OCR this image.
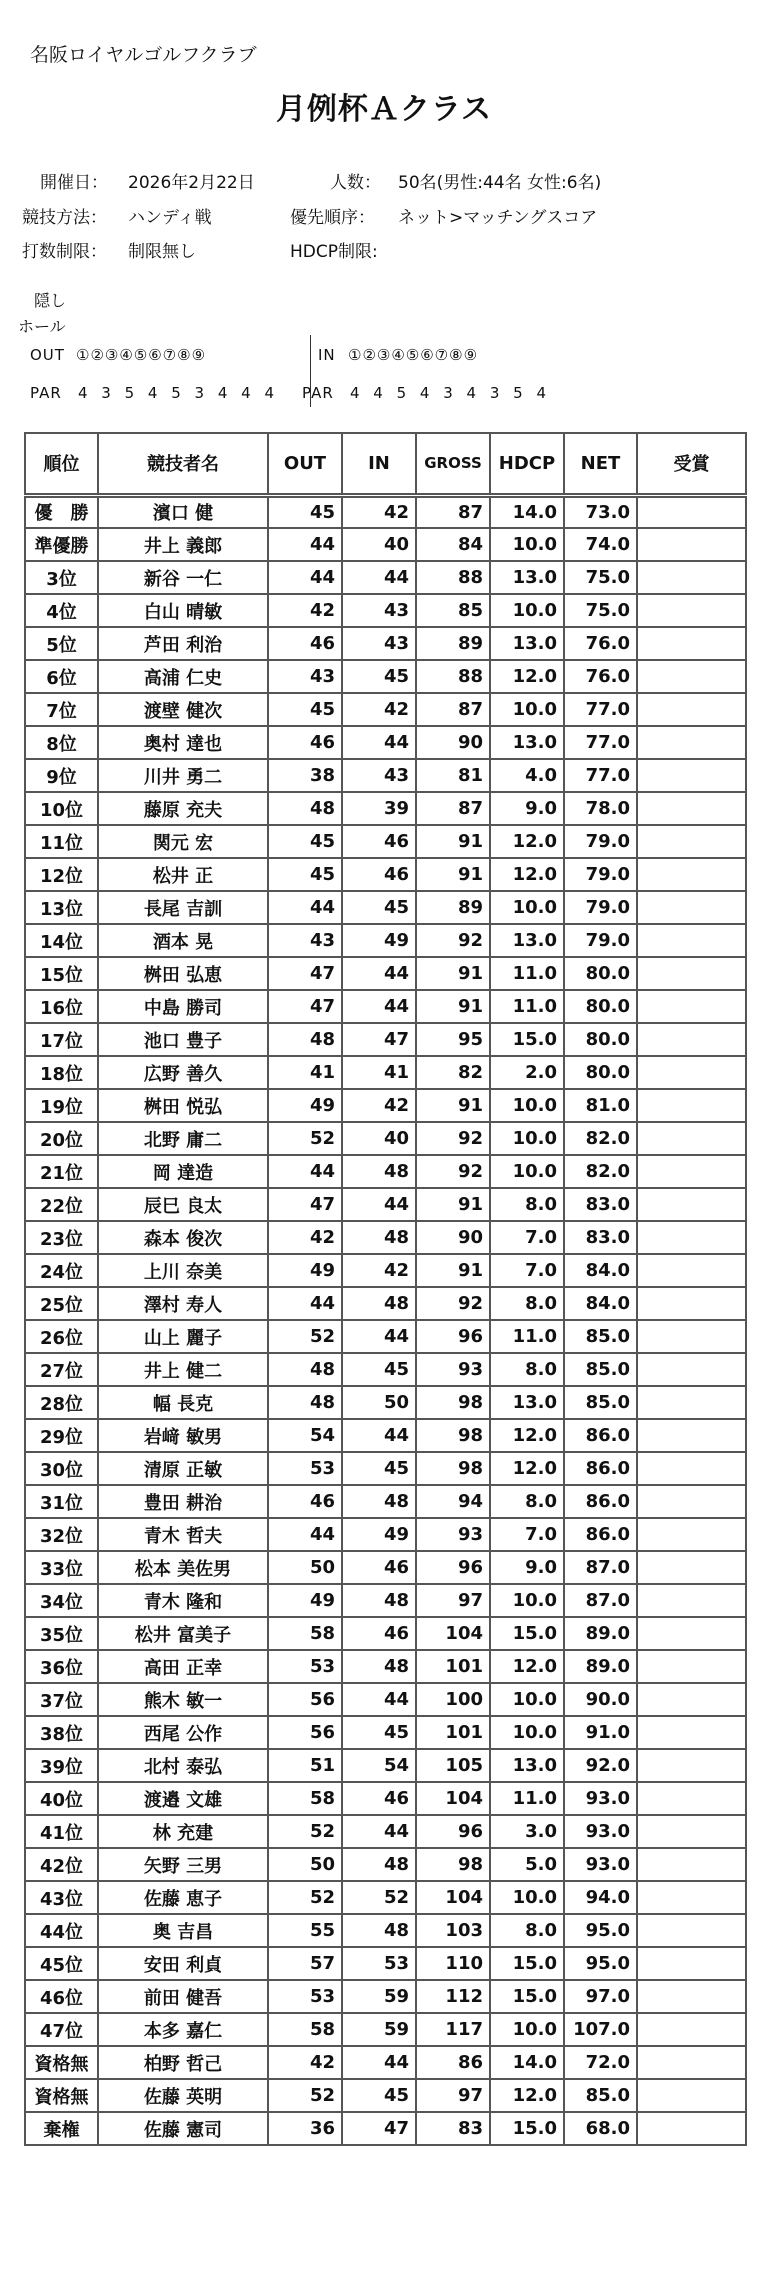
名阪ロイヤルゴルフクラブ
月例杯Ａクラス
開催日： 2026年2月22日	人数： 50名(男性:44名 女性:6名)
競技方法： ハンディ戦	優先順序： ネット>マッチングスコア
打数制限： 制限無し	HDCP制限:
隠し
ホール
OUT ①②③④⑤⑥⑦⑧⑨	IN ①②③④⑤⑥⑦⑧⑨
PAR 4 3 5 4 5 3 4 4 4 PAR 4 4 5 4 3 4 3 5 4
順位	競技者名	OUT	IN	GROSS	HDCP	NET	受賞
優　勝	濱口 健	45	42	87	14.0	73.0	
準優勝	井上 義郎	44	40	84	10.0	74.0	
3位	新谷 一仁	44	44	88	13.0	75.0	
4位	白山 晴敏	42	43	85	10.0	75.0	
5位	芦田 利治	46	43	89	13.0	76.0	
6位	高浦 仁史	43	45	88	12.0	76.0	
7位	渡壁 健次	45	42	87	10.0	77.0	
8位	奥村 達也	46	44	90	13.0	77.0	
9位	川井 勇二	38	43	81	4.0	77.0	
10位	藤原 充夫	48	39	87	9.0	78.0	
11位	関元 宏	45	46	91	12.0	79.0	
12位	松井 正	45	46	91	12.0	79.0	
13位	長尾 吉訓	44	45	89	10.0	79.0	
14位	酒本 晃	43	49	92	13.0	79.0	
15位	桝田 弘恵	47	44	91	11.0	80.0	
16位	中島 勝司	47	44	91	11.0	80.0	
17位	池口 豊子	48	47	95	15.0	80.0	
18位	広野 善久	41	41	82	2.0	80.0	
19位	桝田 悦弘	49	42	91	10.0	81.0	
20位	北野 庸二	52	40	92	10.0	82.0	
21位	岡 達造	44	48	92	10.0	82.0	
22位	辰巳 良太	47	44	91	8.0	83.0	
23位	森本 俊次	42	48	90	7.0	83.0	
24位	上川 奈美	49	42	91	7.0	84.0	
25位	澤村 寿人	44	48	92	8.0	84.0	
26位	山上 麗子	52	44	96	11.0	85.0	
27位	井上 健二	48	45	93	8.0	85.0	
28位	幅 長克	48	50	98	13.0	85.0	
29位	岩﨑 敏男	54	44	98	12.0	86.0	
30位	清原 正敏	53	45	98	12.0	86.0	
31位	豊田 耕治	46	48	94	8.0	86.0	
32位	青木 哲夫	44	49	93	7.0	86.0	
33位	松本 美佐男	50	46	96	9.0	87.0	
34位	青木 隆和	49	48	97	10.0	87.0	
35位	松井 富美子	58	46	104	15.0	89.0	
36位	高田 正幸	53	48	101	12.0	89.0	
37位	熊木 敏一	56	44	100	10.0	90.0	
38位	西尾 公作	56	45	101	10.0	91.0	
39位	北村 泰弘	51	54	105	13.0	92.0	
40位	渡邉 文雄	58	46	104	11.0	93.0	
41位	林 充建	52	44	96	3.0	93.0	
42位	矢野 三男	50	48	98	5.0	93.0	
43位	佐藤 恵子	52	52	104	10.0	94.0	
44位	奥 吉昌	55	48	103	8.0	95.0	
45位	安田 利貞	57	53	110	15.0	95.0	
46位	前田 健吾	53	59	112	15.0	97.0	
47位	本多 嘉仁	58	59	117	10.0	107.0	
資格無	柏野 哲己	42	44	86	14.0	72.0	
資格無	佐藤 英明	52	45	97	12.0	85.0	
棄権	佐藤 憲司	36	47	83	15.0	68.0	
